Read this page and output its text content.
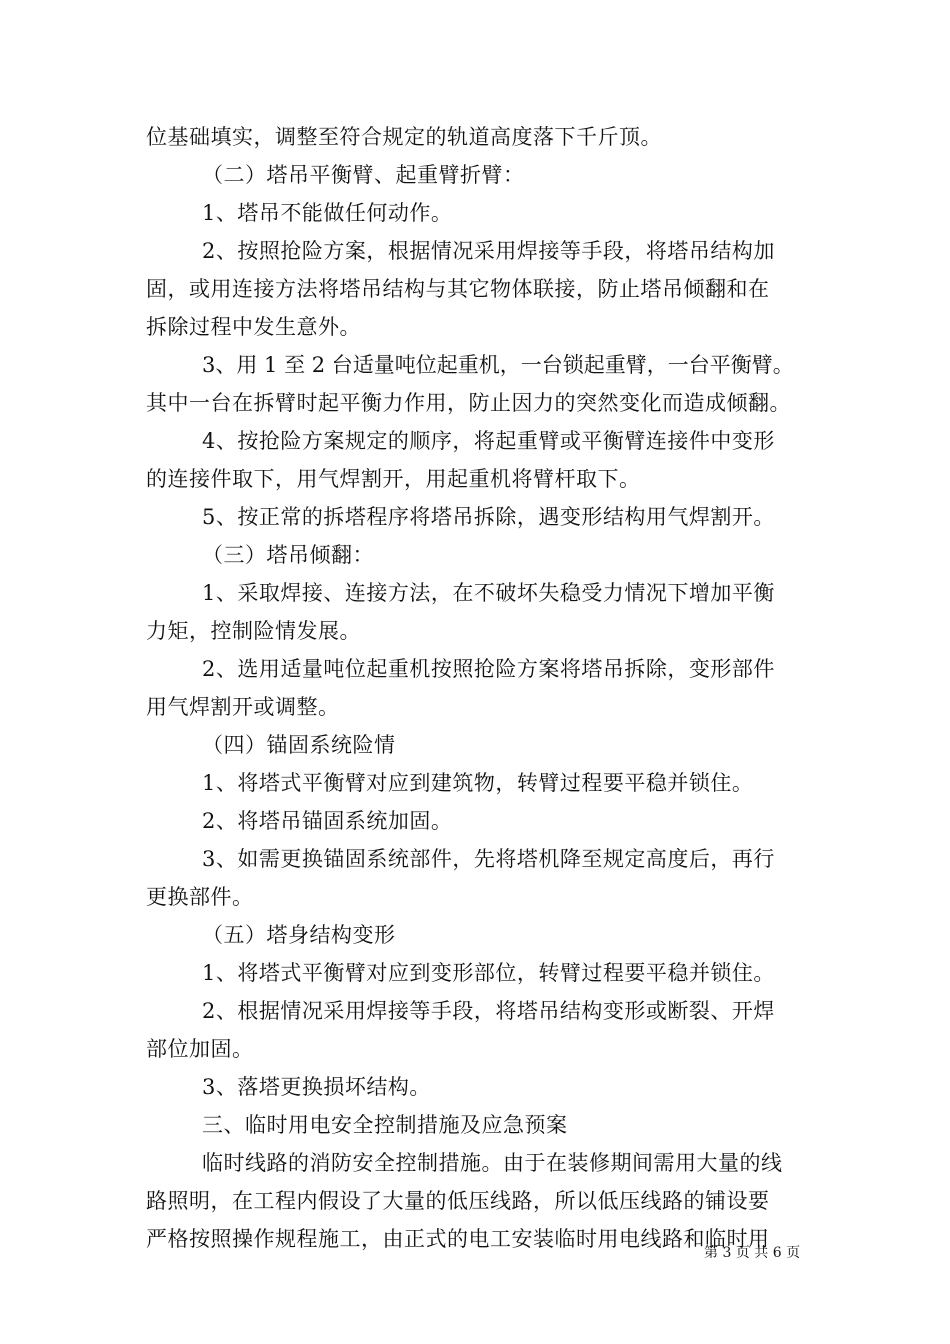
位基础填实，调整至符合规定的轨道高度落下千斤顶。
（二）塔吊平衡臂、起重臂折臂：
1、塔吊不能做任何动作。
2、按照抢险方案，根据情况采用焊接等手段，将塔吊结构加
固，或用连接方法将塔吊结构与其它物体联接，防止塔吊倾翻和在
拆除过程中发生意外。
3、用 1 至 2 台适量吨位起重机，一台锁起重臂，一台平衡臂。
其中一台在拆臂时起平衡力作用，防止因力的突然变化而造成倾翻。
4、按抢险方案规定的顺序，将起重臂或平衡臂连接件中变形
的连接件取下，用气焊割开，用起重机将臂杆取下。
5、按正常的拆塔程序将塔吊拆除，遇变形结构用气焊割开。
（三）塔吊倾翻：
1、采取焊接、连接方法，在不破坏失稳受力情况下增加平衡
力矩，控制险情发展。
2、选用适量吨位起重机按照抢险方案将塔吊拆除，变形部件
用气焊割开或调整。
（四）锚固系统险情
1、将塔式平衡臂对应到建筑物，转臂过程要平稳并锁住。
2、将塔吊锚固系统加固。
3、如需更换锚固系统部件，先将塔机降至规定高度后，再行
更换部件。
（五）塔身结构变形
1、将塔式平衡臂对应到变形部位，转臂过程要平稳并锁住。
2、根据情况采用焊接等手段，将塔吊结构变形或断裂、开焊
部位加固。
3、落塔更换损坏结构。
三、临时用电安全控制措施及应急预案
临时线路的消防安全控制措施。由于在装修期间需用大量的线
路照明，在工程内假设了大量的低压线路，所以低压线路的铺设要
严格按照操作规程施工，由正式的电工安装临时用电线路和临时用
第 3 页 共 6 页
